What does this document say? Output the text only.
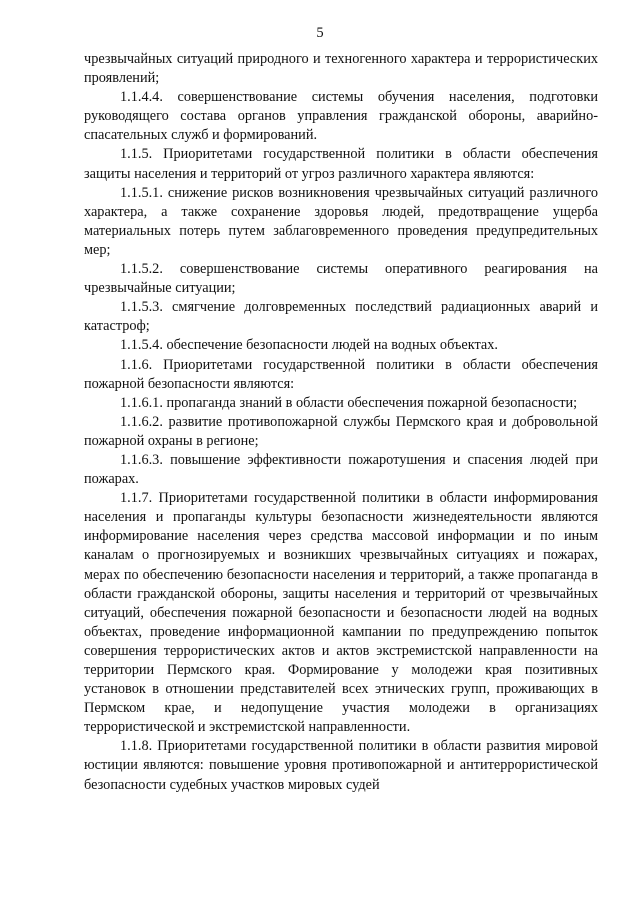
5

чрезвычайных ситуаций природного и техногенного характера и террористических проявлений;

1.1.4.4. совершенствование системы обучения населения, подготовки руководящего состава органов управления гражданской обороны, аварийно-спасательных служб и формирований.

1.1.5. Приоритетами государственной политики в области обеспечения защиты населения и территорий от угроз различного характера являются:

1.1.5.1. снижение рисков возникновения чрезвычайных ситуаций различного характера, а также сохранение здоровья людей, предотвращение ущерба материальных потерь путем заблаговременного проведения предупредительных мер;

1.1.5.2. совершенствование системы оперативного реагирования на чрезвычайные ситуации;

1.1.5.3. смягчение долговременных последствий радиационных аварий и катастроф;

1.1.5.4. обеспечение безопасности людей на водных объектах.

1.1.6. Приоритетами государственной политики в области обеспечения пожарной безопасности являются:

1.1.6.1. пропаганда знаний в области обеспечения пожарной безопасности;

1.1.6.2. развитие противопожарной службы Пермского края и добровольной пожарной охраны в регионе;

1.1.6.3. повышение эффективности пожаротушения и спасения людей при пожарах.

1.1.7. Приоритетами государственной политики в области информирования населения и пропаганды культуры безопасности жизнедеятельности являются информирование населения через средства массовой информации и по иным каналам о прогнозируемых и возникших чрезвычайных ситуациях и пожарах, мерах по обеспечению безопасности населения и территорий, а также пропаганда в области гражданской обороны, защиты населения и территорий от чрезвычайных ситуаций, обеспечения пожарной безопасности и безопасности людей на водных объектах, проведение информационной кампании по предупреждению попыток совершения террористических актов и актов экстремистской направленности на территории Пермского края. Формирование у молодежи края позитивных установок в отношении представителей всех этнических групп, проживающих в Пермском крае, и недопущение участия молодежи в организациях террористической и экстремистской направленности.

1.1.8. Приоритетами государственной политики в области развития мировой юстиции являются: повышение уровня противопожарной и антитеррористической безопасности судебных участков мировых судей
